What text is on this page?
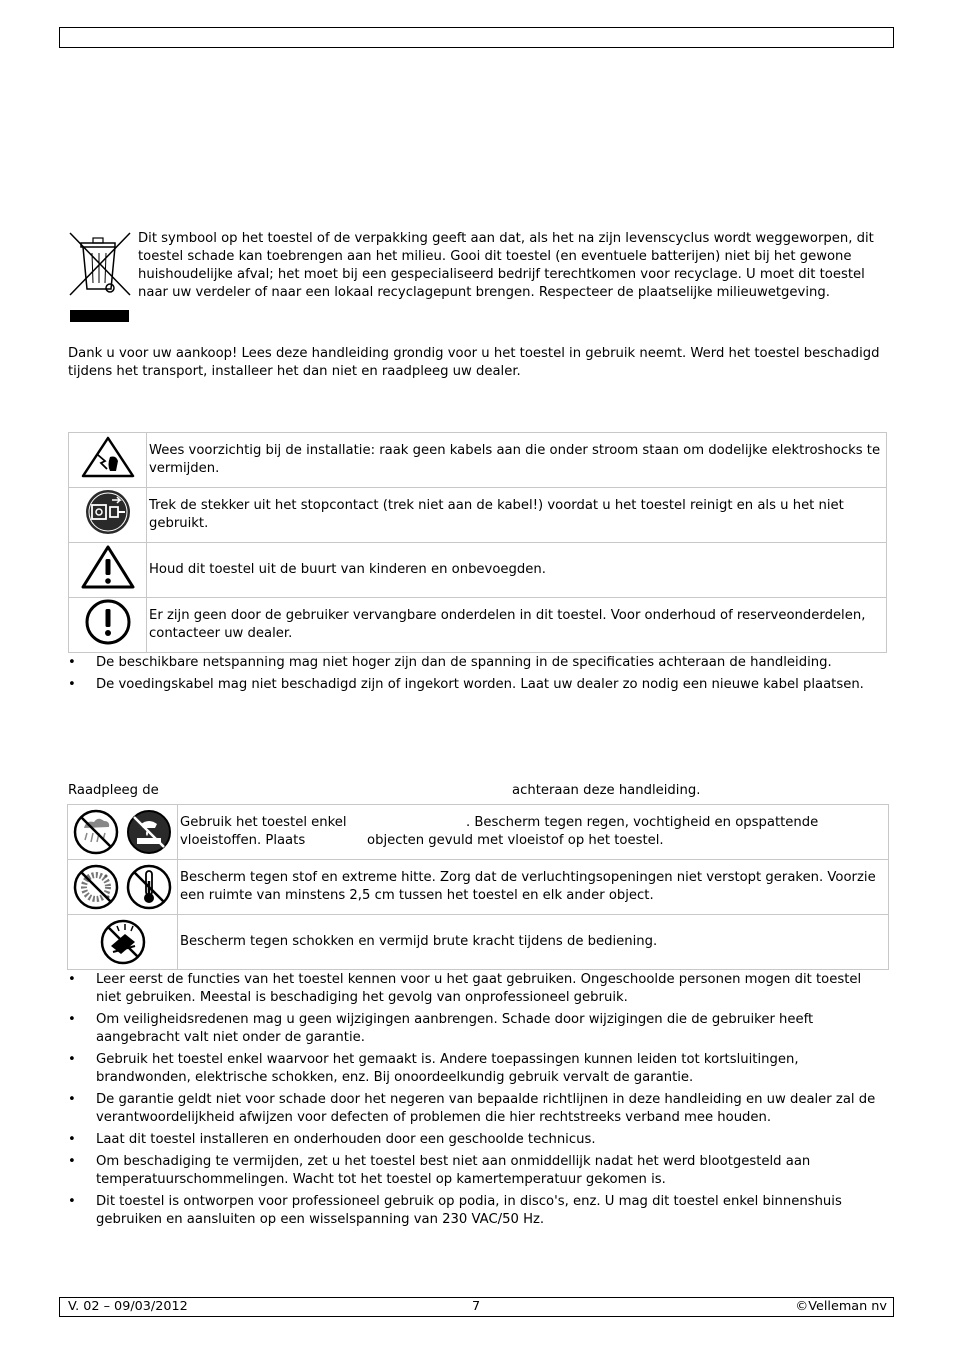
Dit symbool op het toestel of de verpakking geeft aan dat, als het na zijn levenscyclus wordt weggeworpen, dit toestel schade kan toebrengen aan het milieu. Gooi dit toestel (en eventuele batterijen) niet bij het gewone huishoudelijke afval; het moet bij een gespecialiseerd bedrijf terechtkomen voor recyclage. U moet dit toestel naar uw verdeler of naar een lokaal recyclagepunt brengen. Respecteer de plaatselijke milieuwetgeving.
Dank u voor uw aankoop! Lees deze handleiding grondig voor u het toestel in gebruik neemt. Werd het toestel beschadigd tijdens het transport, installeer het dan niet en raadpleeg uw dealer.
	Wees voorzichtig bij de installatie: raak geen kabels aan die onder stroom staan om dodelijke elektroshocks te vermijden.

	Trek de stekker uit het stopcontact (trek niet aan de kabel!) voordat u het toestel reinigt en als u het niet gebruikt.

	Houd dit toestel uit de buurt van kinderen en onbevoegden.

	Er zijn geen door de gebruiker vervangbare onderdelen in dit toestel. Voor onderhoud of reserveonderdelen, contacteer uw dealer.
• De beschikbare netspanning mag niet hoger zijn dan de spanning in de specificaties achteraan de handleiding.
• De voedingskabel mag niet beschadigd zijn of ingekort worden. Laat uw dealer zo nodig een nieuwe kabel plaatsen.
Raadpleeg de	achteraan deze handleiding.

Gebruik het toestel enkel . Bescherm tegen regen, vochtigheid en opspattende
vloeistoffen. Plaats objecten gevuld met vloeistof op het toestel.

	Bescherm tegen stof en extreme hitte. Zorg dat de verluchtingsopeningen niet verstopt geraken. Voorzie een ruimte van minstens 2,5 cm tussen het toestel en elk ander object.

	Bescherm tegen schokken en vermijd brute kracht tijdens de bediening.
• Leer eerst de functies van het toestel kennen voor u het gaat gebruiken. Ongeschoolde personen mogen dit toestel niet gebruiken. Meestal is beschadiging het gevolg van onprofessioneel gebruik.
• Om veiligheidsredenen mag u geen wijzigingen aanbrengen. Schade door wijzigingen die de gebruiker heeft aangebracht valt niet onder de garantie.
• Gebruik het toestel enkel waarvoor het gemaakt is. Andere toepassingen kunnen leiden tot kortsluitingen, brandwonden, elektrische schokken, enz. Bij onoordeelkundig gebruik vervalt de garantie.
• De garantie geldt niet voor schade door het negeren van bepaalde richtlijnen in deze handleiding en uw dealer zal de verantwoordelijkheid afwijzen voor defecten of problemen die hier rechtstreeks verband mee houden.
• Laat dit toestel installeren en onderhouden door een geschoolde technicus.
• Om beschadiging te vermijden, zet u het toestel best niet aan onmiddellijk nadat het werd blootgesteld aan temperatuurschommelingen. Wacht tot het toestel op kamertemperatuur gekomen is.
• Dit toestel is ontworpen voor professioneel gebruik op podia, in disco's, enz. U mag dit toestel enkel binnenshuis gebruiken en aansluiten op een wisselspanning van 230 VAC/50 Hz.
V. 02 – 09/03/2012	7	©Velleman nv
